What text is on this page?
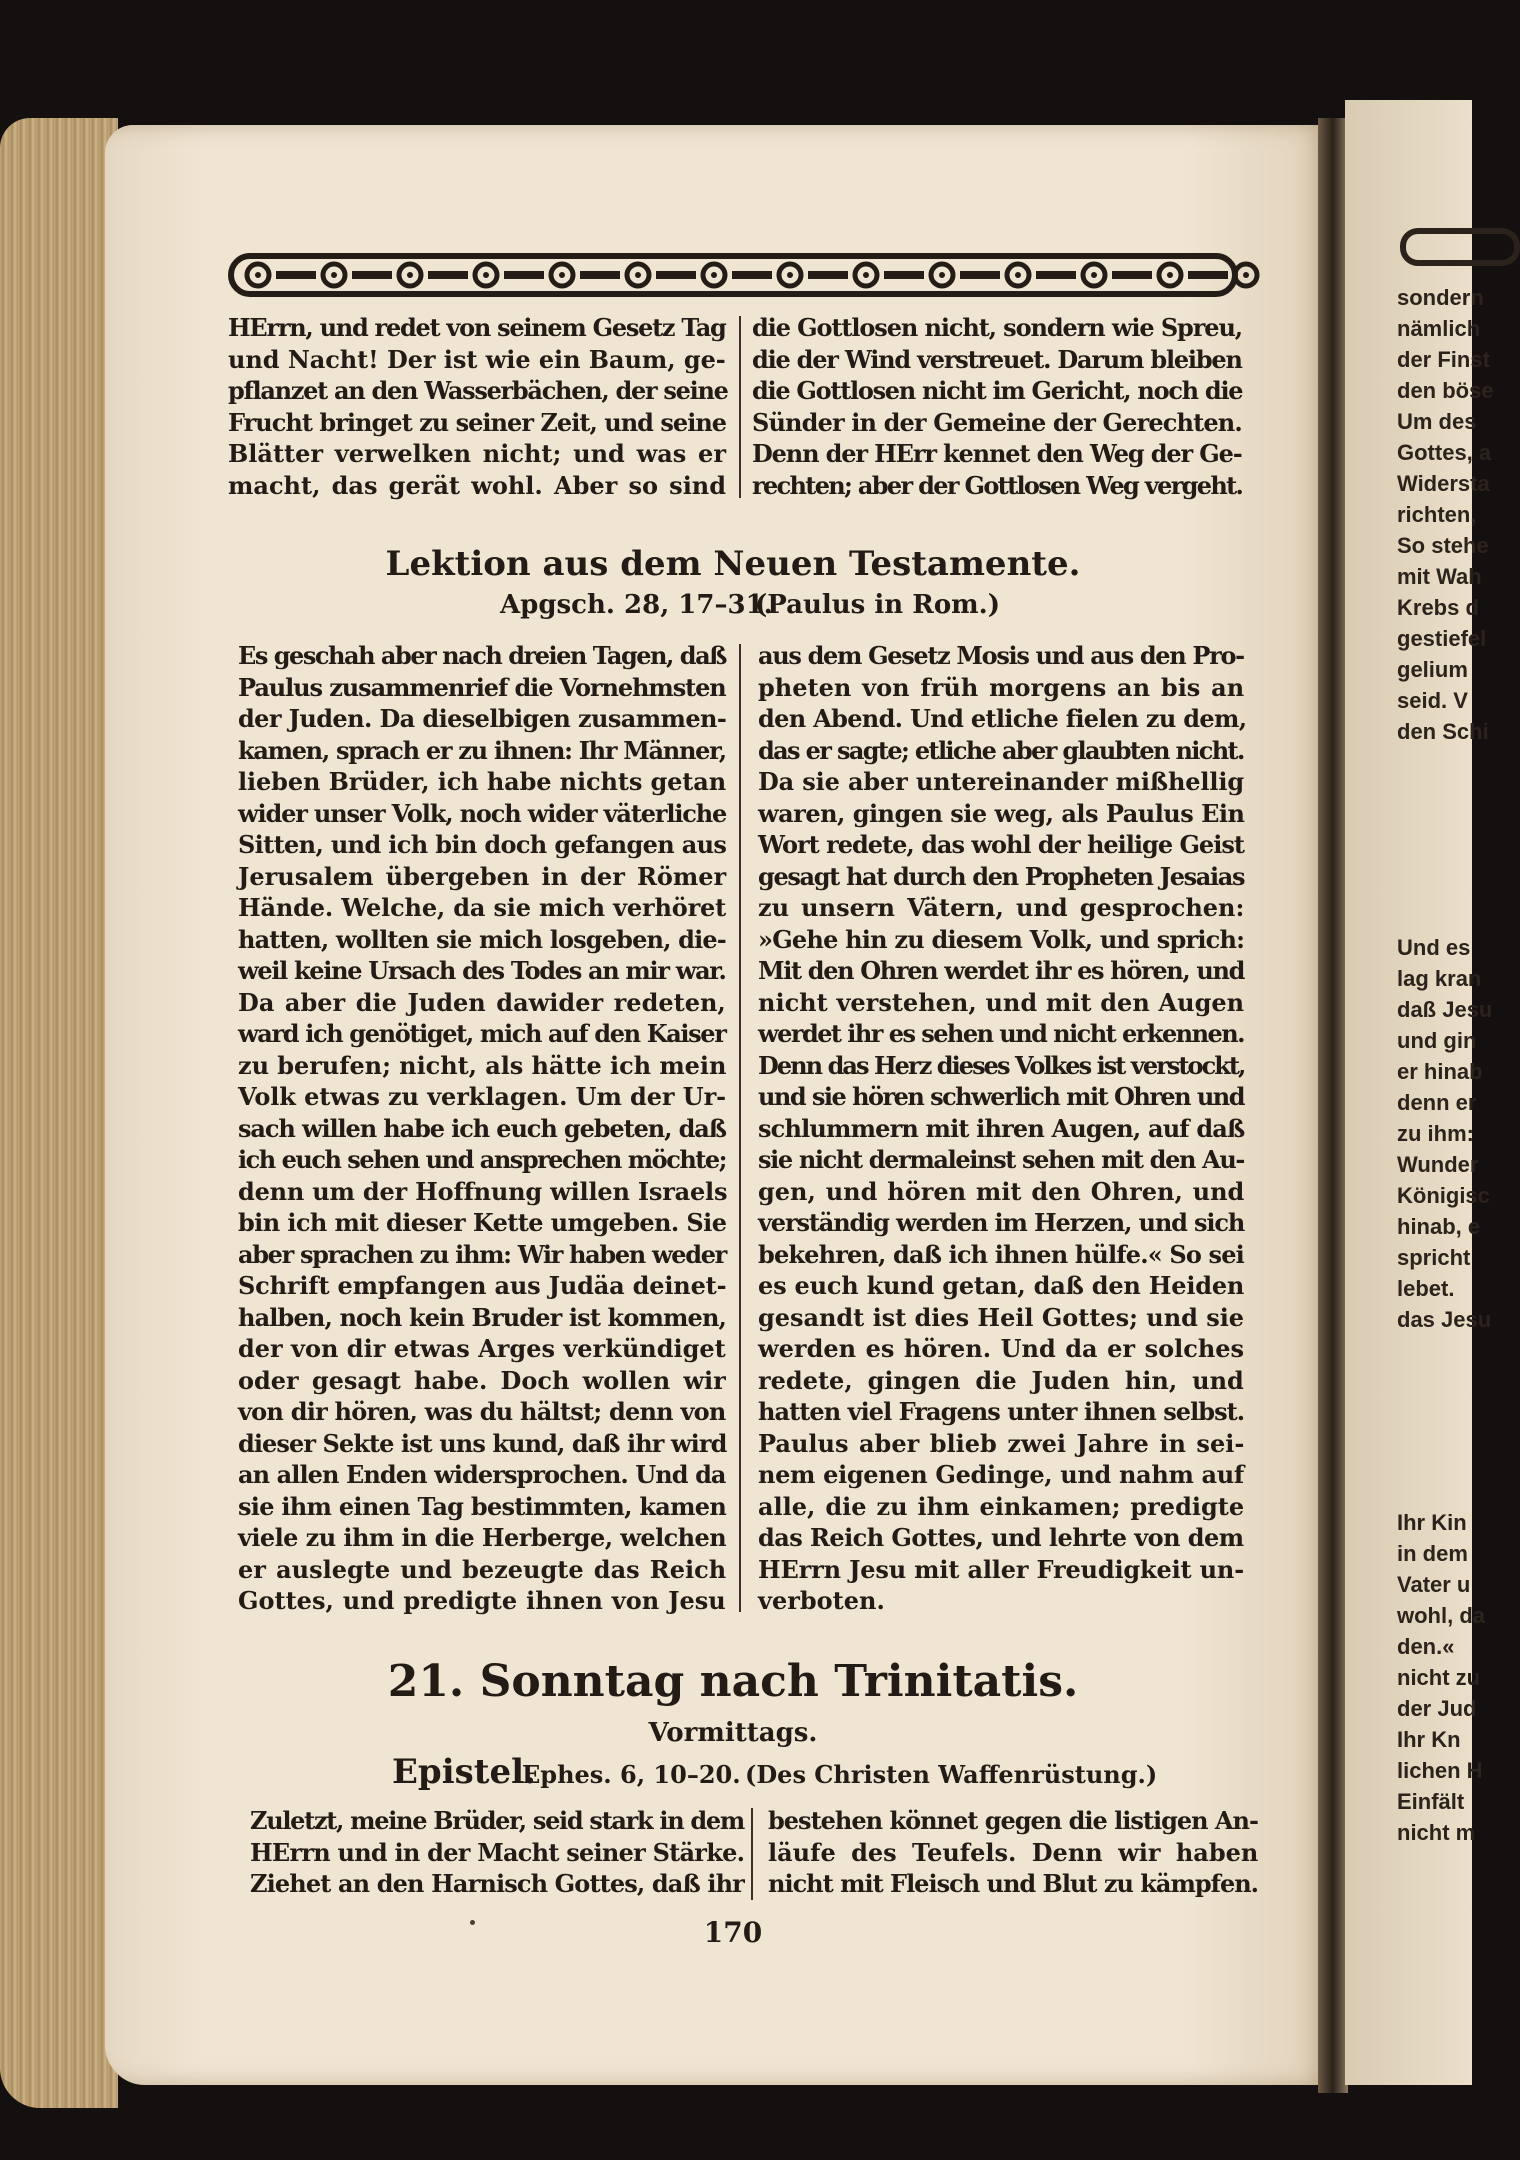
sondern
nämlich
der Finst
den böse
Um des
Gottes, a
Widersta
richten,
So stehe
mit Wah
Krebs d
gestiefel
gelium
seid. V
den Schi
Und es
lag kran
daß Jesu
und gin
er hinab
denn er
zu ihm:
Wunder
Königisc
hinab, e
spricht
lebet.
das Jesu
Ihr Kin
in dem
Vater u
wohl, da
den.«
nicht zu
der Jud
Ihr Kn
lichen H
Einfält
nicht m
HErrn, und redet von seinem Gesetz Tag
und Nacht! Der ist wie ein Baum, ge-
pflanzet an den Wasserbächen, der seine
Frucht bringet zu seiner Zeit, und seine
Blätter verwelken nicht; und was er
macht, das gerät wohl. Aber so sind
die Gottlosen nicht, sondern wie Spreu,
die der Wind verstreuet. Darum bleiben
die Gottlosen nicht im Gericht, noch die
Sünder in der Gemeine der Gerechten.
Denn der HErr kennet den Weg der Ge-
rechten; aber der Gottlosen Weg vergeht.
Lektion aus dem Neuen Testamente.
Apgsch. 28, 17–31.
(Paulus in Rom.)
Es geschah aber nach dreien Tagen, daß
Paulus zusammenrief die Vornehmsten
der Juden. Da dieselbigen zusammen-
kamen, sprach er zu ihnen: Ihr Männer,
lieben Brüder, ich habe nichts getan
wider unser Volk, noch wider väterliche
Sitten, und ich bin doch gefangen aus
Jerusalem übergeben in der Römer
Hände. Welche, da sie mich verhöret
hatten, wollten sie mich losgeben, die-
weil keine Ursach des Todes an mir war.
Da aber die Juden dawider redeten,
ward ich genötiget, mich auf den Kaiser
zu berufen; nicht, als hätte ich mein
Volk etwas zu verklagen. Um der Ur-
sach willen habe ich euch gebeten, daß
ich euch sehen und ansprechen möchte;
denn um der Hoffnung willen Israels
bin ich mit dieser Kette umgeben. Sie
aber sprachen zu ihm: Wir haben weder
Schrift empfangen aus Judäa deinet-
halben, noch kein Bruder ist kommen,
der von dir etwas Arges verkündiget
oder gesagt habe. Doch wollen wir
von dir hören, was du hältst; denn von
dieser Sekte ist uns kund, daß ihr wird
an allen Enden widersprochen. Und da
sie ihm einen Tag bestimmten, kamen
viele zu ihm in die Herberge, welchen
er auslegte und bezeugte das Reich
Gottes, und predigte ihnen von Jesu
aus dem Gesetz Mosis und aus den Pro-
pheten von früh morgens an bis an
den Abend. Und etliche fielen zu dem,
das er sagte; etliche aber glaubten nicht.
Da sie aber untereinander mißhellig
waren, gingen sie weg, als Paulus Ein
Wort redete, das wohl der heilige Geist
gesagt hat durch den Propheten Jesaias
zu unsern Vätern, und gesprochen:
»Gehe hin zu diesem Volk, und sprich:
Mit den Ohren werdet ihr es hören, und
nicht verstehen, und mit den Augen
werdet ihr es sehen und nicht erkennen.
Denn das Herz dieses Volkes ist verstockt,
und sie hören schwerlich mit Ohren und
schlummern mit ihren Augen, auf daß
sie nicht dermaleinst sehen mit den Au-
gen, und hören mit den Ohren, und
verständig werden im Herzen, und sich
bekehren, daß ich ihnen hülfe.« So sei
es euch kund getan, daß den Heiden
gesandt ist dies Heil Gottes; und sie
werden es hören. Und da er solches
redete, gingen die Juden hin, und
hatten viel Fragens unter ihnen selbst.
Paulus aber blieb zwei Jahre in sei-
nem eigenen Gedinge, und nahm auf
alle, die zu ihm einkamen; predigte
das Reich Gottes, und lehrte von dem
HErrn Jesu mit aller Freudigkeit un-
verboten.
21. Sonntag nach Trinitatis.
Vormittags.
Epistel.
Ephes. 6, 10–20. (Des Christen Waffenrüstung.)
Zuletzt, meine Brüder, seid stark in dem
HErrn und in der Macht seiner Stärke.
Ziehet an den Harnisch Gottes, daß ihr
bestehen könnet gegen die listigen An-
läufe des Teufels. Denn wir haben
nicht mit Fleisch und Blut zu kämpfen.
170
